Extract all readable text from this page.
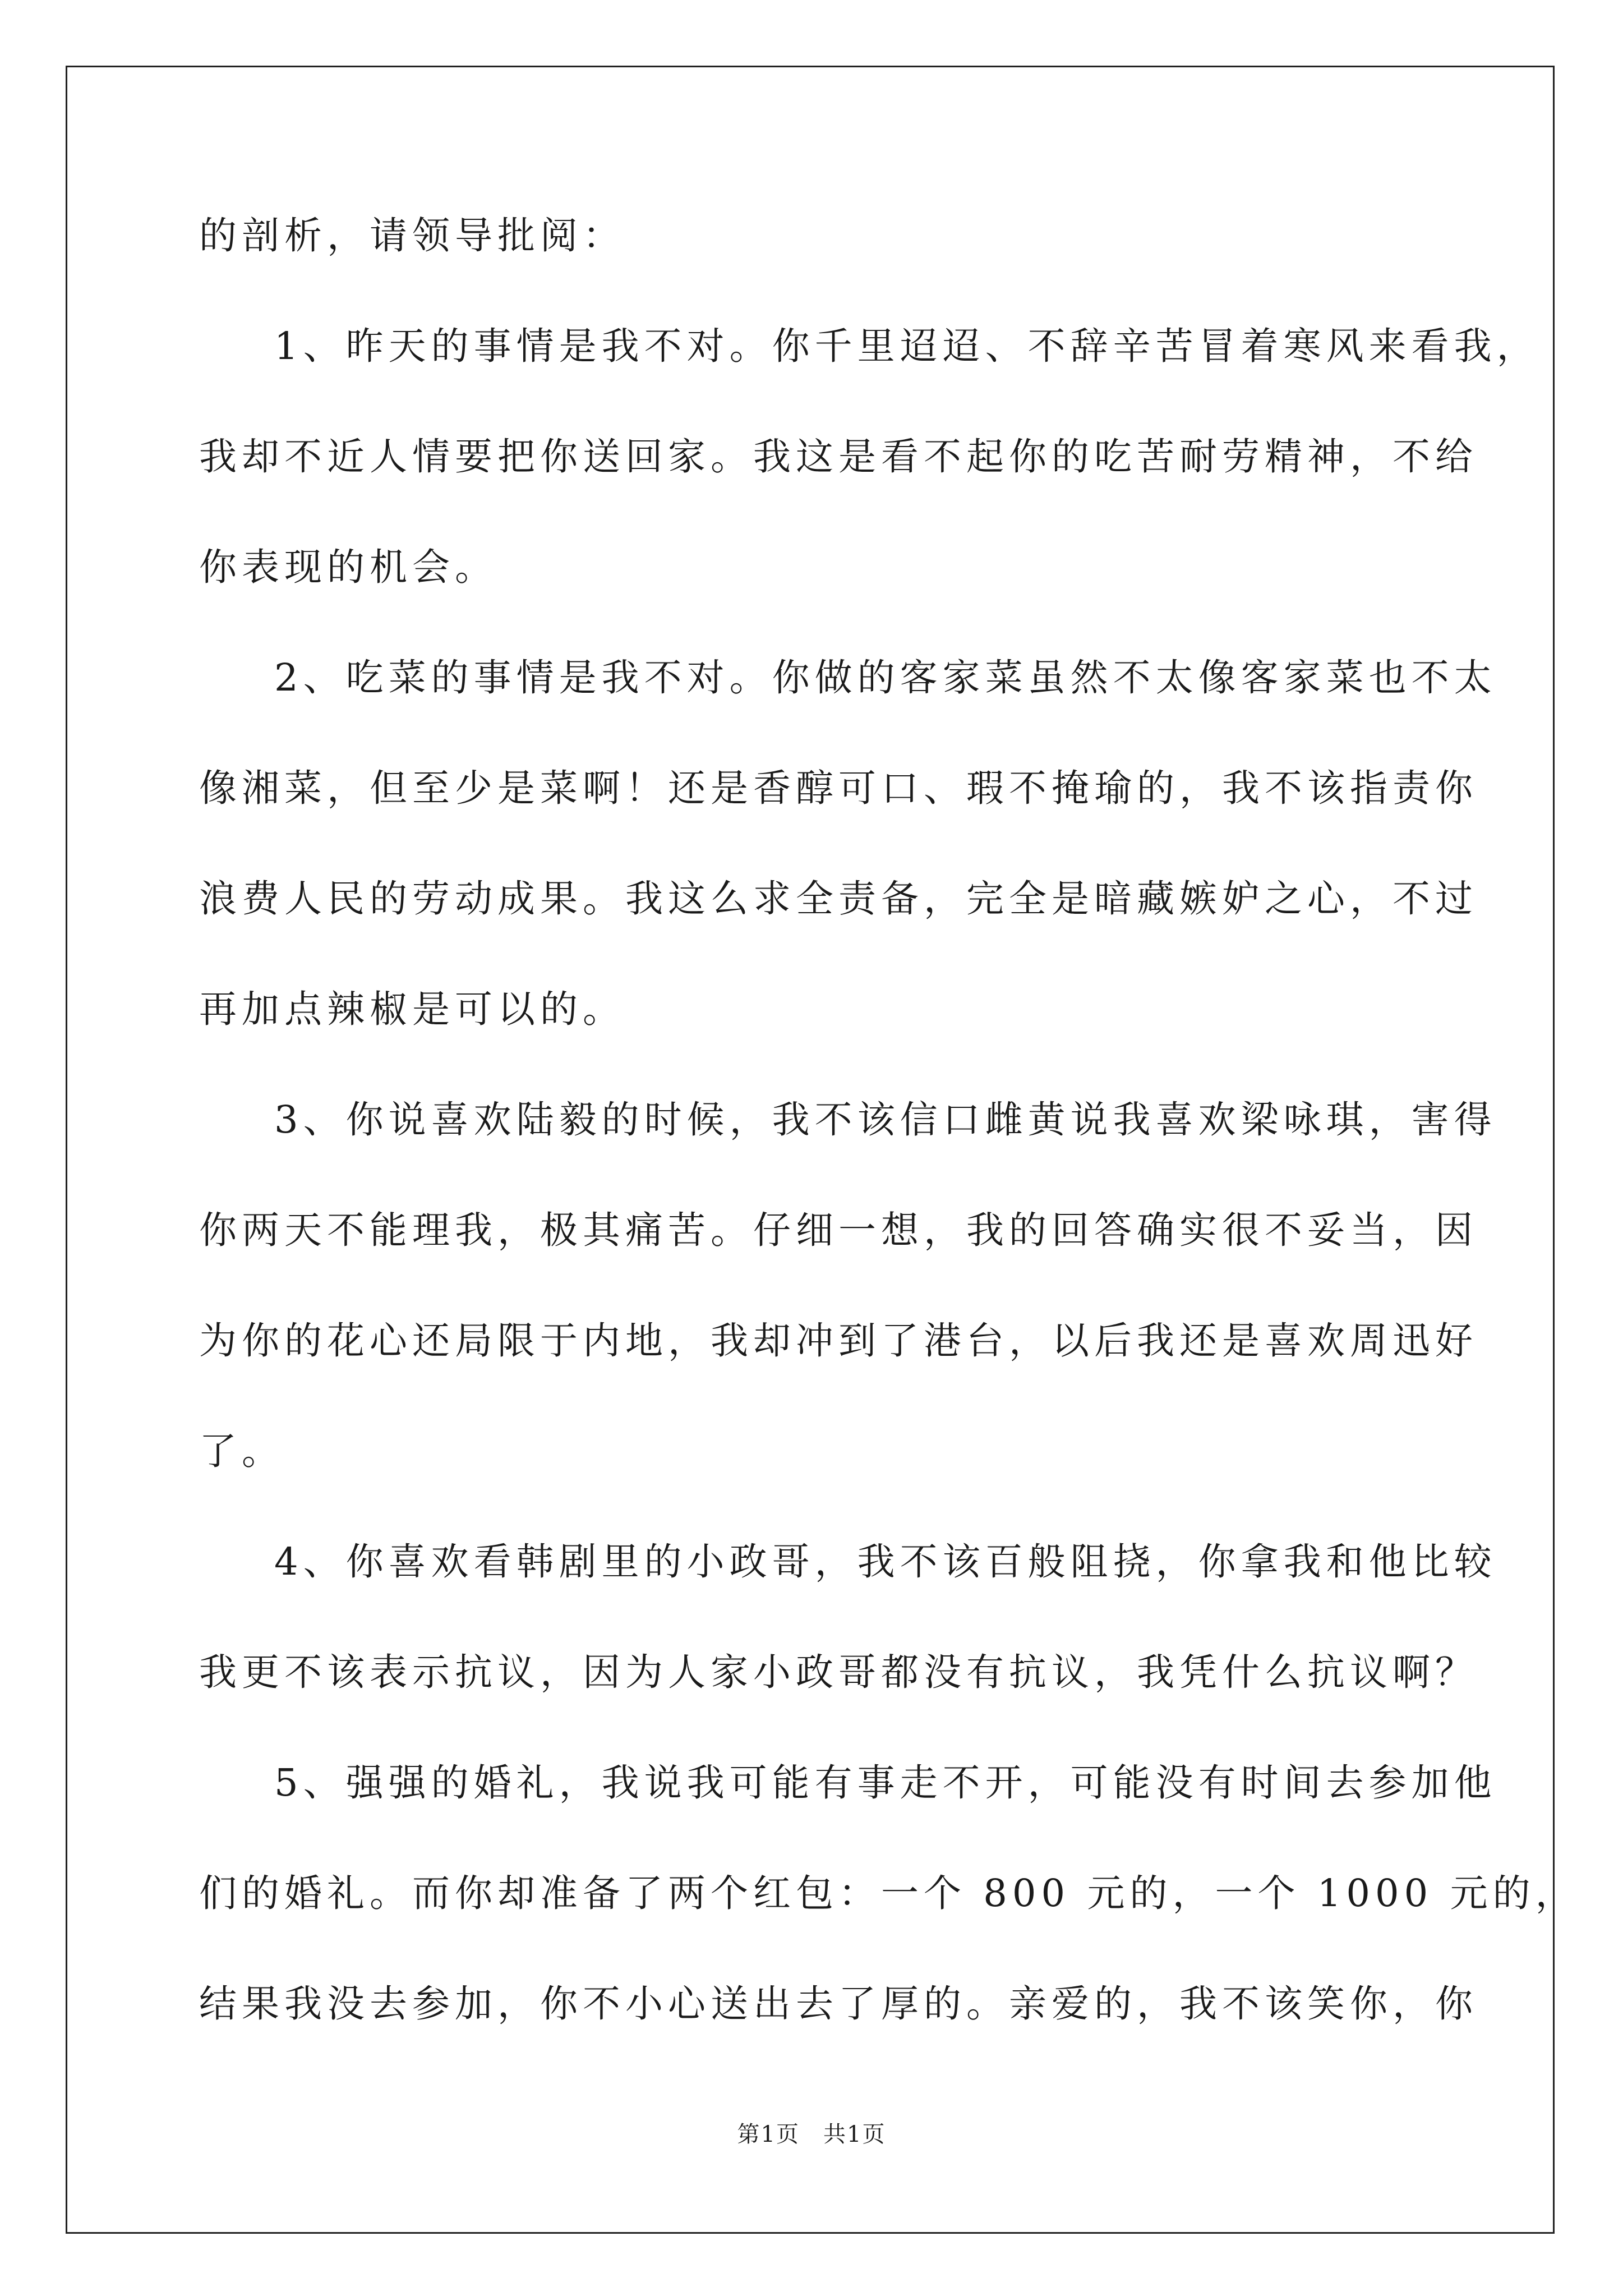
的剖析，请领导批阅：
1、昨天的事情是我不对。你千里迢迢、不辞辛苦冒着寒风来看我，
我却不近人情要把你送回家。我这是看不起你的吃苦耐劳精神，不给
你表现的机会。
2、吃菜的事情是我不对。你做的客家菜虽然不太像客家菜也不太
像湘菜，但至少是菜啊！还是香醇可口、瑕不掩瑜的，我不该指责你
浪费人民的劳动成果。我这么求全责备，完全是暗藏嫉妒之心，不过
再加点辣椒是可以的。
3、你说喜欢陆毅的时候，我不该信口雌黄说我喜欢梁咏琪，害得
你两天不能理我，极其痛苦。仔细一想，我的回答确实很不妥当，因
为你的花心还局限于内地，我却冲到了港台，以后我还是喜欢周迅好
了。
4、你喜欢看韩剧里的小政哥，我不该百般阻挠，你拿我和他比较
我更不该表示抗议，因为人家小政哥都没有抗议，我凭什么抗议啊？
5、强强的婚礼，我说我可能有事走不开，可能没有时间去参加他
们的婚礼。而你却准备了两个红包：一个 800 元的，一个 1000 元的，
结果我没去参加，你不小心送出去了厚的。亲爱的，我不该笑你，你
第1页　共1页
